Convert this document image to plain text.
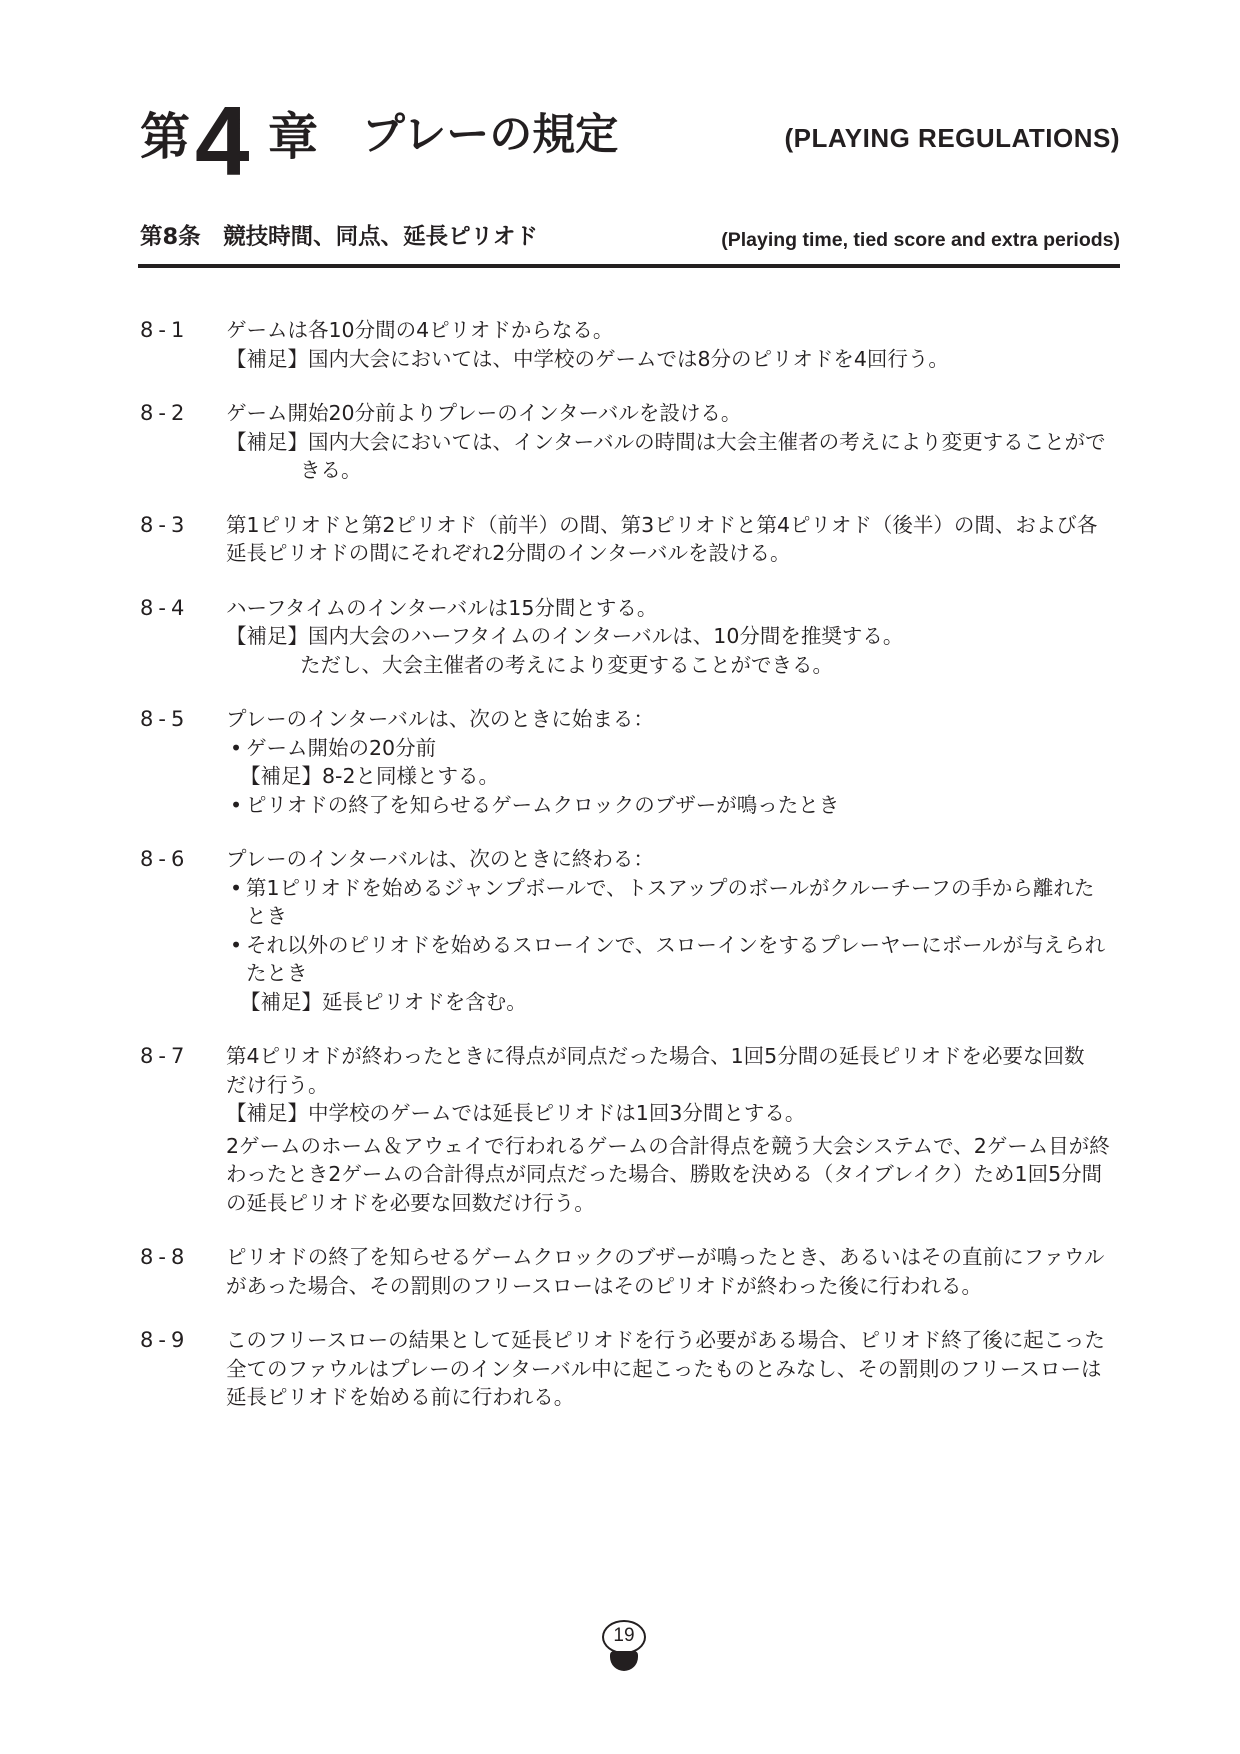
第 4 章 プレーの規定	(PLAYING REGULATIONS)
第8条　競技時間、同点、延長ピリオド	(Playing time, tied score and extra periods)
8-1 ゲームは各10分間の4ピリオドからなる。
【補足】国内大会においては、中学校のゲームでは8分のピリオドを4回行う。
8-2 ゲーム開始20分前よりプレーのインターバルを設ける。
【補足】国内大会においては、インターバルの時間は大会主催者の考えにより変更することがで
きる。
8-3 第1ピリオドと第2ピリオド（前半）の間、第3ピリオドと第4ピリオド（後半）の間、および各
延長ピリオドの間にそれぞれ2分間のインターバルを設ける。
8-4 ハーフタイムのインターバルは15分間とする。
【補足】国内大会のハーフタイムのインターバルは、10分間を推奨する。
ただし、大会主催者の考えにより変更することができる。
8-5 プレーのインターバルは、次のときに始まる：
• ゲーム開始の20分前
【補足】8-2と同様とする。
• ピリオドの終了を知らせるゲームクロックのブザーが鳴ったとき
8-6 プレーのインターバルは、次のときに終わる：
• 第1ピリオドを始めるジャンプボールで、トスアップのボールがクルーチーフの手から離れた
とき
• それ以外のピリオドを始めるスローインで、スローインをするプレーヤーにボールが与えられ
たとき
【補足】延長ピリオドを含む。
8-7 第4ピリオドが終わったときに得点が同点だった場合、1回5分間の延長ピリオドを必要な回数
だけ行う。
【補足】中学校のゲームでは延長ピリオドは1回3分間とする。
2ゲームのホーム＆アウェイで行われるゲームの合計得点を競う大会システムで、2ゲーム目が終
わったとき2ゲームの合計得点が同点だった場合、勝敗を決める（タイブレイク）ため1回5分間
の延長ピリオドを必要な回数だけ行う。
8-8 ピリオドの終了を知らせるゲームクロックのブザーが鳴ったとき、あるいはその直前にファウル
があった場合、その罰則のフリースローはそのピリオドが終わった後に行われる。
8-9 このフリースローの結果として延長ピリオドを行う必要がある場合、ピリオド終了後に起こった
全てのファウルはプレーのインターバル中に起こったものとみなし、その罰則のフリースローは
延長ピリオドを始める前に行われる。
19
